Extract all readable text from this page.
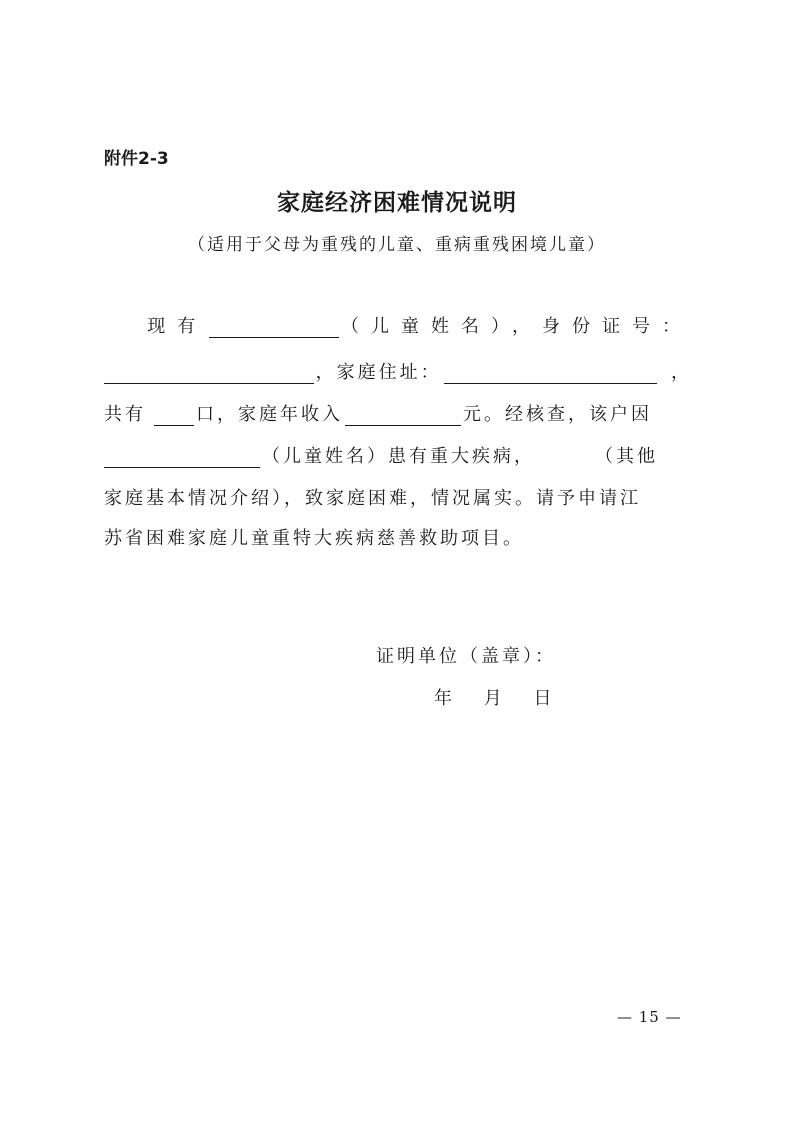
附件2-3
家庭经济困难情况说明
（适用于父母为重残的儿童、重病重残困境儿童）
现有	（儿童姓名），身份证号：
，家庭住址：	，
共有	口，家庭年收入	元。经核查，该户因
（儿童姓名）患有重大疾病，	（其他
家庭基本情况介绍），致家庭困难，情况属实。请予申请江
苏省困难家庭儿童重特大疾病慈善救助项目。
证明单位（盖章）：
年 月 日
— 15 —
